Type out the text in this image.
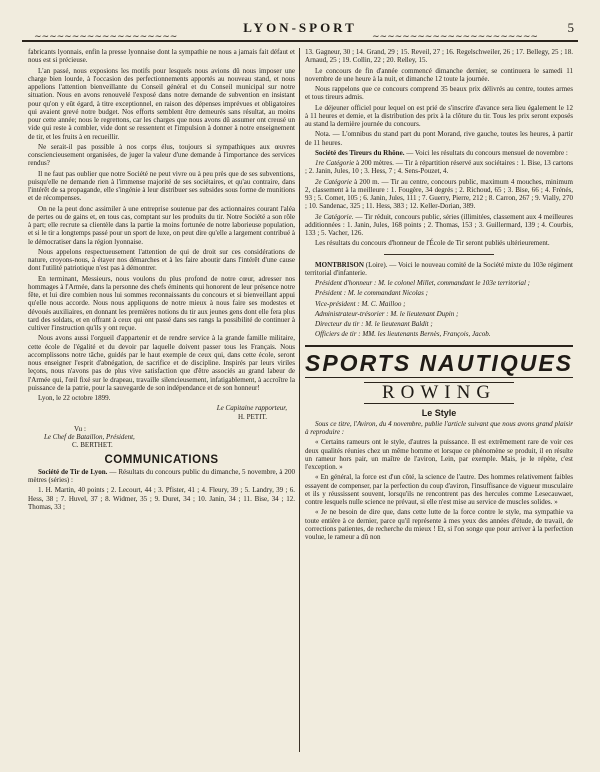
LYON-SPORT	5
∼∼∼∼∼∼∼∼∼∼∼∼∼∼∼∼∼∼∼	∼∼∼∼∼∼∼∼∼∼∼∼∼∼∼∼∼∼∼∼∼∼

fabricants lyonnais, enfin la presse lyonnaise dont la sympathie ne nous a jamais fait défaut et nous est si précieuse.

L'an passé, nous exposions les motifs pour lesquels nous avions dû nous imposer une charge bien lourde, à l'occasion des perfectionnements apportés au nouveau stand, et nous appelions l'attention bienveillante du Conseil général et du Conseil municipal sur notre situation. Nous en avons renouvelé l'exposé dans notre demande de subvention en insistant pour qu'on y eût égard, à titre exceptionnel, en raison des dépenses imprévues et obligatoires qui avaient grevé notre budget. Nos efforts semblent être demeurés sans résultat, au moins pour cette année; nous le regrettons, car les charges que nous avons dû assumer ont creusé un vide qui reste à combler, vide dont se ressentent et l'impulsion à donner à notre enseignement de tir, et les fruits à en recueillir.

Ne serait-il pas possible à nos corps élus, toujours si sympathiques aux œuvres consciencieusement organisées, de juger la valeur d'une demande à l'importance des services rendus?

Il ne faut pas oublier que notre Société ne peut vivre ou à peu près que de ses subventions, puisqu'elle ne demande rien à l'immense majorité de ses sociétaires, et qu'au contraire, dans l'intérêt de sa propagande, elle s'ingénie à leur distribuer ses subsides sous forme de munitions et de récompenses.

On ne la peut donc assimiler à une entreprise soutenue par des actionnaires courant l'aléa de pertes ou de gains et, en tous cas, comptant sur les produits du tir. Notre Société a son rôle à part; elle recrute sa clientèle dans la partie la moins fortunée de notre laborieuse population, et si le tir a longtemps passé pour un sport de luxe, on peut dire qu'elle a largement contribué à le démocratiser dans la région lyonnaise.

Nous appelons respectueusement l'attention de qui de droit sur ces considérations de nature, croyons-nous, à étayer nos démarches et à les faire aboutir dans l'intérêt d'une cause dont l'utilité patriotique n'est pas à démontrer.

En terminant, Messieurs, nous voulons du plus profond de notre cœur, adresser nos hommages à l'Armée, dans la personne des chefs éminents qui honorent de leur présence notre fête, et lui dire combien nous lui sommes reconnaissants du concours et si bienveillant appui qu'elle nous accorde. Nous nous appliquons de notre mieux à nous faire ses modestes et dévoués auxiliaires, en donnant les premières notions du tir aux jeunes gens dont elle fera plus tard des soldats, et en offrant à ceux qui ont passé dans ses rangs la possibilité de continuer à cultiver l'instruction qu'ils y ont reçue.

Nous avons aussi l'orgueil d'appartenir et de rendre service à la grande famille militaire, cette école de l'égalité et du devoir par laquelle doivent passer tous les Français. Nous accomplissons notre tâche, guidés par le haut exemple de ceux qui, dans cette école, seront nous enseigner l'esprit d'abnégation, de sacrifice et de discipline. Inspirés par leurs viriles leçons, nous n'avons pas de plus vive satisfaction que d'être associés au grand labeur de l'Armée qui, l'œil fixé sur le drapeau, travaille silencieusement, infatigablement, à accroître la puissance de la patrie, pour la sauvegarde de son indépendance et de son honneur!

Lyon, le 22 octobre 1899.

Le Capitaine rapporteur,
H. PETIT.
Vu :
Le Chef de Bataillon, Président,
C. BERTHET.
COMMUNICATIONS

Société de Tir de Lyon. — Résultats du concours public du dimanche, 5 novembre, à 200 mètres (séries) :

1. H. Martin, 40 points ; 2. Lecourt, 44 ; 3. Pfister, 41 ; 4. Fleury, 39 ; 5. Landry, 39 ; 6. Hess, 38 ; 7. Huvel, 37 ; 8. Widmer, 35 ; 9. Duret, 34 ; 10. Janin, 34 ; 11. Bise, 34 ; 12. Thomas, 33 ;

13. Gagneur, 30 ; 14. Grand, 29 ; 15. Reveil, 27 ; 16. Regelschweiler, 26 ; 17. Bellegy, 25 ; 18. Arnaud, 25 ; 19. Collin, 22 ; 20. Relley, 15.

Le concours de fin d'année commencé dimanche dernier, se continuera le samedi 11 novembre de une heure à la nuit, et dimanche 12 toute la journée.

Nous rappelons que ce concours comprend 35 beaux prix délivrés au centre, toutes armes et tous tireurs admis.

Le déjeuner officiel pour lequel on est prié de s'inscrire d'avance sera lieu également le 12 à 11 heures et demie, et la distribution des prix à la clôture du tir. Tous les prix seront exposés au stand la dernière journée du concours.

Nota. — L'omnibus du stand part du pont Morand, rive gauche, toutes les heures, à partir de 11 heures.

Société des Tireurs du Rhône. — Voici les résultats du concours mensuel de novembre :

1re Catégorie à 200 mètres. — Tir à répartition réservé aux sociétaires : 1. Bise, 13 cartons ; 2. Janin, Jules, 10 ; 3. Hess, 7 ; 4. Sens-Pouzet, 4.

2e Catégorie à 200 m. — Tir au centre, concours public, maximum 4 mouches, minimum 2, classement à la meilleure : 1. Fougère, 34 degrés ; 2. Richoud, 65 ; 3. Bise, 66 ; 4. Frénés, 93 ; 5. Comet, 105 ; 6. Janin, Jules, 111 ; 7. Guerry, Pierre, 212 ; 8. Carron, 267 ; 9. Vially, 270 ; 10. Sandenac, 325 ; 11. Hess, 383 ; 12. Keller-Dorian, 389.

3e Catégorie. — Tir réduit, concours public, séries (illimitées, classement aux 4 meilleures additionnées : 1. Janin, Jules, 168 points ; 2. Thomas, 153 ; 3. Guillermard, 139 ; 4. Courbis, 133 ; 5. Vacher, 126.

Les résultats du concours d'honneur de l'École de Tir seront publiés ultérieurement.

MONTBRISON (Loire). — Voici le nouveau comité de la Société mixte du 103e régiment territorial d'infanterie.

Président d'honneur : M. le colonel Millet, commandant le 103e territorial ;

Président : M. le commandant Nicolas ;

Vice-président : M. C. Mailloo ;

Administrateur-trésorier : M. le lieutenant Dupin ;

Directeur du tir : M. le lieutenant Baldit ;

Officiers de tir : MM. les lieutenants Bernès, François, Jacob.

SPORTS NAUTIQUES
ROWING
Le Style

Sous ce titre, l'Aviron, du 4 novembre, publie l'article suivant que nous avons grand plaisir à reproduire :

« Certains rameurs ont le style, d'autres la puissance. Il est extrêmement rare de voir ces deux qualités réunies chez un même homme et lorsque ce phénomène se produit, il en résulte un rameur hors pair, un maître de l'aviron, Lein, par exemple. Mais, je le répète, c'est l'exception. »

« En général, la force est d'un côté, la science de l'autre. Des hommes relativement faibles essayent de compenser, par la perfection du coup d'aviron, l'insuffisance de vigueur musculaire et ils y réussissent souvent, lorsqu'ils ne rencontrent pas des hercules comme Lesecauwaet, contre lesquels nulle science ne prévaut, si elle n'est mise au service de muscles solides. »

« Je ne besoin de dire que, dans cette lutte de la force contre le style, ma sympathie va toute entière à ce dernier, parce qu'il représente à mes yeux des années d'étude, de travail, de corrections patientes, de recherche du mieux ! Et, si l'on songe que pour arriver à la perfection voulue, le rameur a dû non
